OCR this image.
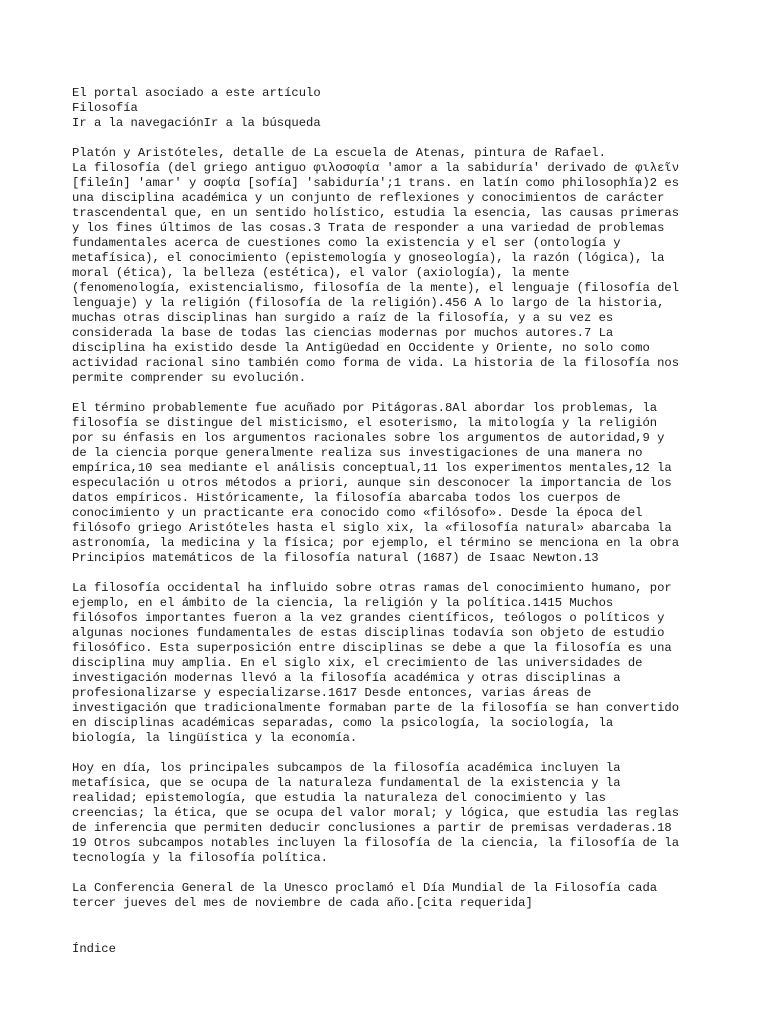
El portal asociado a este artículo
Filosofía
Ir a la navegaciónIr a la búsqueda
Platón y Aristóteles, detalle de La escuela de Atenas, pintura de Rafael.
La filosofía (del griego antiguo φιλοσοφία 'amor a la sabiduría' derivado de φιλεῖν
[fileîn] 'amar' y σοφία [sofía] 'sabiduría';1 trans. en latín como philosophĭa)2 es
una disciplina académica y un conjunto de reflexiones y conocimientos de carácter
trascendental que, en un sentido holístico, estudia la esencia, las causas primeras
y los fines últimos de las cosas.3 Trata de responder a una variedad de problemas
fundamentales acerca de cuestiones como la existencia y el ser (ontología y
metafísica), el conocimiento (epistemología y gnoseología), la razón (lógica), la
moral (ética), la belleza (estética), el valor (axiología), la mente
(fenomenología, existencialismo, filosofía de la mente), el lenguaje (filosofía del
lenguaje) y la religión (filosofía de la religión).456 A lo largo de la historia,
muchas otras disciplinas han surgido a raíz de la filosofía, y a su vez es
considerada la base de todas las ciencias modernas por muchos autores.7 La
disciplina ha existido desde la Antigüedad en Occidente y Oriente, no solo como
actividad racional sino también como forma de vida. La historia de la filosofía nos
permite comprender su evolución.
El término probablemente fue acuñado por Pitágoras.8Al abordar los problemas, la
filosofía se distingue del misticismo, el esoterismo, la mitología y la religión
por su énfasis en los argumentos racionales sobre los argumentos de autoridad,9 y
de la ciencia porque generalmente realiza sus investigaciones de una manera no
empírica,10 sea mediante el análisis conceptual,11 los experimentos mentales,12 la
especulación u otros métodos a priori, aunque sin desconocer la importancia de los
datos empíricos. Históricamente, la filosofía abarcaba todos los cuerpos de
conocimiento y un practicante era conocido como «filósofo». Desde la época del
filósofo griego Aristóteles hasta el siglo xix, la «filosofía natural» abarcaba la
astronomía, la medicina y la física; por ejemplo, el término se menciona en la obra
Principios matemáticos de la filosofía natural (1687) de Isaac Newton.13
La filosofía occidental ha influido sobre otras ramas del conocimiento humano, por
ejemplo, en el ámbito de la ciencia, la religión y la política.1415 Muchos
filósofos importantes fueron a la vez grandes científicos, teólogos o políticos y
algunas nociones fundamentales de estas disciplinas todavía son objeto de estudio
filosófico. Esta superposición entre disciplinas se debe a que la filosofía es una
disciplina muy amplia. En el siglo xix, el crecimiento de las universidades de
investigación modernas llevó a la filosofía académica y otras disciplinas a
profesionalizarse y especializarse.1617 Desde entonces, varias áreas de
investigación que tradicionalmente formaban parte de la filosofía se han convertido
en disciplinas académicas separadas, como la psicología, la sociología, la
biología, la lingüística y la economía.
Hoy en día, los principales subcampos de la filosofía académica incluyen la
metafísica, que se ocupa de la naturaleza fundamental de la existencia y la
realidad; epistemología, que estudia la naturaleza del conocimiento y las
creencias; la ética, que se ocupa del valor moral; y lógica, que estudia las reglas
de inferencia que permiten deducir conclusiones a partir de premisas verdaderas.18
19 Otros subcampos notables incluyen la filosofía de la ciencia, la filosofía de la
tecnología y la filosofía política.
La Conferencia General de la Unesco proclamó el Día Mundial de la Filosofía cada
tercer jueves del mes de noviembre de cada año.[cita requerida]
Índice
